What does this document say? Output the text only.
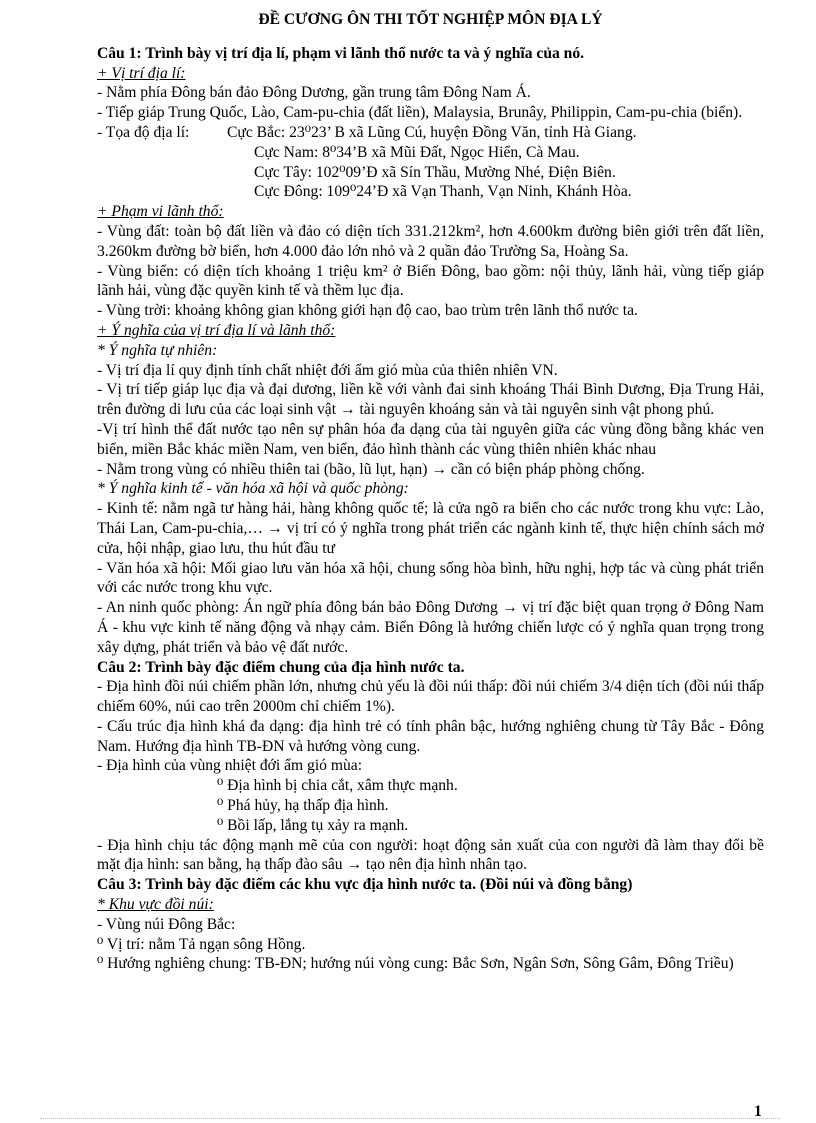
ĐỀ CƯƠNG ÔN THI TỐT NGHIỆP MÔN ĐỊA LÝ

Câu 1: Trình bày vị trí địa lí, phạm vi lãnh thổ nước ta và ý nghĩa của nó.

+ Vị trí địa lí:

- Nằm phía Đông bán đảo Đông Dương, gần trung tâm Đông Nam Á.

- Tiếp giáp Trung Quốc, Lào, Cam-pu-chia (đất liền), Malaysia, Brunây, Philippin, Cam-pu-chia (biển).

- Tọa độ địa lí:	Cực Bắc: 23⁰23’ B xã Lũng Cú, huyện Đồng Văn, tỉnh Hà Giang.

Cực Nam: 8⁰34’B xã Mũi Đất, Ngọc Hiển, Cà Mau.

Cực Tây: 102⁰09’Đ xã Sín Thầu, Mường Nhé, Điện Biên.

Cực Đông: 109⁰24’Đ xã Vạn Thanh, Vạn Ninh, Khánh Hòa.

+ Phạm vi lãnh thổ:

- Vùng đất: toàn bộ đất liền và đảo có diện tích 331.212km², hơn 4.600km đường biên giới trên đất liền, 3.260km đường bờ biển, hơn 4.000 đảo lớn nhỏ và 2 quần đảo Trường Sa, Hoàng Sa.

- Vùng biển: có diện tích khoảng 1 triệu km² ở Biển Đông, bao gồm: nội thủy, lãnh hải, vùng tiếp giáp lãnh hải, vùng đặc quyền kinh tế và thềm lục địa.

- Vùng trời: khoảng không gian không giới hạn độ cao, bao trùm trên lãnh thổ nước ta.

+ Ý nghĩa của vị trí địa lí và lãnh thổ:

* Ý nghĩa tự nhiên:

- Vị trí địa lí quy định tính chất nhiệt đới ẩm gió mùa của thiên nhiên VN.

- Vị trí tiếp giáp lục địa và đại dương, liền kề với vành đai sinh khoáng Thái Bình Dương, Địa Trung Hải, trên đường di lưu của các loại sinh vật → tài nguyên khoáng sản và tài nguyên sinh vật phong phú.

-Vị trí hình thể đất nước tạo nên sự phân hóa đa dạng của tài nguyên giữa các vùng đồng bằng khác ven biển, miền Bắc khác miền Nam, ven biển, đảo hình thành các vùng thiên nhiên khác nhau

- Nằm trong vùng có nhiều thiên tai (bão, lũ lụt, hạn) → cần có biện pháp phòng chống.

* Ý nghĩa kinh tế - văn hóa xã hội và quốc phòng:

- Kinh tế: nằm ngã tư hàng hải, hàng không quốc tế; là cửa ngõ ra biển cho các nước trong khu vực: Lào, Thái Lan, Cam-pu-chia,… → vị trí có ý nghĩa trong phát triển các ngành kinh tế, thực hiện chính sách mở cửa, hội nhập, giao lưu, thu hút đầu tư

- Văn hóa xã hội: Mối giao lưu văn hóa xã hội, chung sống hòa bình, hữu nghị, hợp tác và cùng phát triển với các nước trong khu vực.

- An ninh quốc phòng: Án ngữ phía đông bán bảo Đông Dương → vị trí đặc biệt quan trọng ở Đông Nam Á - khu vực kinh tế năng động và nhạy cảm. Biển Đông là hướng chiến lược có ý nghĩa quan trọng trong xây dựng, phát triển và bảo vệ đất nước.

Câu 2: Trình bày đặc điểm chung của địa hình nước ta.

- Địa hình đồi núi chiếm phần lớn, nhưng chủ yếu là đồi núi thấp: đồi núi chiếm 3/4 diện tích (đồi núi thấp chiếm 60%, núi cao trên 2000m chỉ chiếm 1%).

- Cấu trúc địa hình khá đa dạng: địa hình trẻ có tính phân bậc, hướng nghiêng chung từ Tây Bắc - Đông Nam. Hướng địa hình TB-ĐN và hướng vòng cung.

- Địa hình của vùng nhiệt đới ẩm gió mùa:

⁰ Địa hình bị chia cắt, xâm thực mạnh.

⁰ Phá hủy, hạ thấp địa hình.

⁰ Bồi lấp, lắng tụ xảy ra mạnh.

- Địa hình chịu tác động mạnh mẽ của con người: hoạt động sản xuất của con người đã làm thay đổi bề mặt địa hình: san bằng, hạ thấp đào sâu → tạo nên địa hình nhân tạo.

Câu 3: Trình bày đặc điểm các khu vực địa hình nước ta. (Đồi núi và đồng bằng)

* Khu vực đồi núi:

- Vùng núi Đông Bắc:

⁰ Vị trí: nằm Tả ngạn sông Hồng.

⁰ Hướng nghiêng chung: TB-ĐN; hướng núi vòng cung: Bắc Sơn, Ngân Sơn, Sông Gâm, Đông Triều)

1
